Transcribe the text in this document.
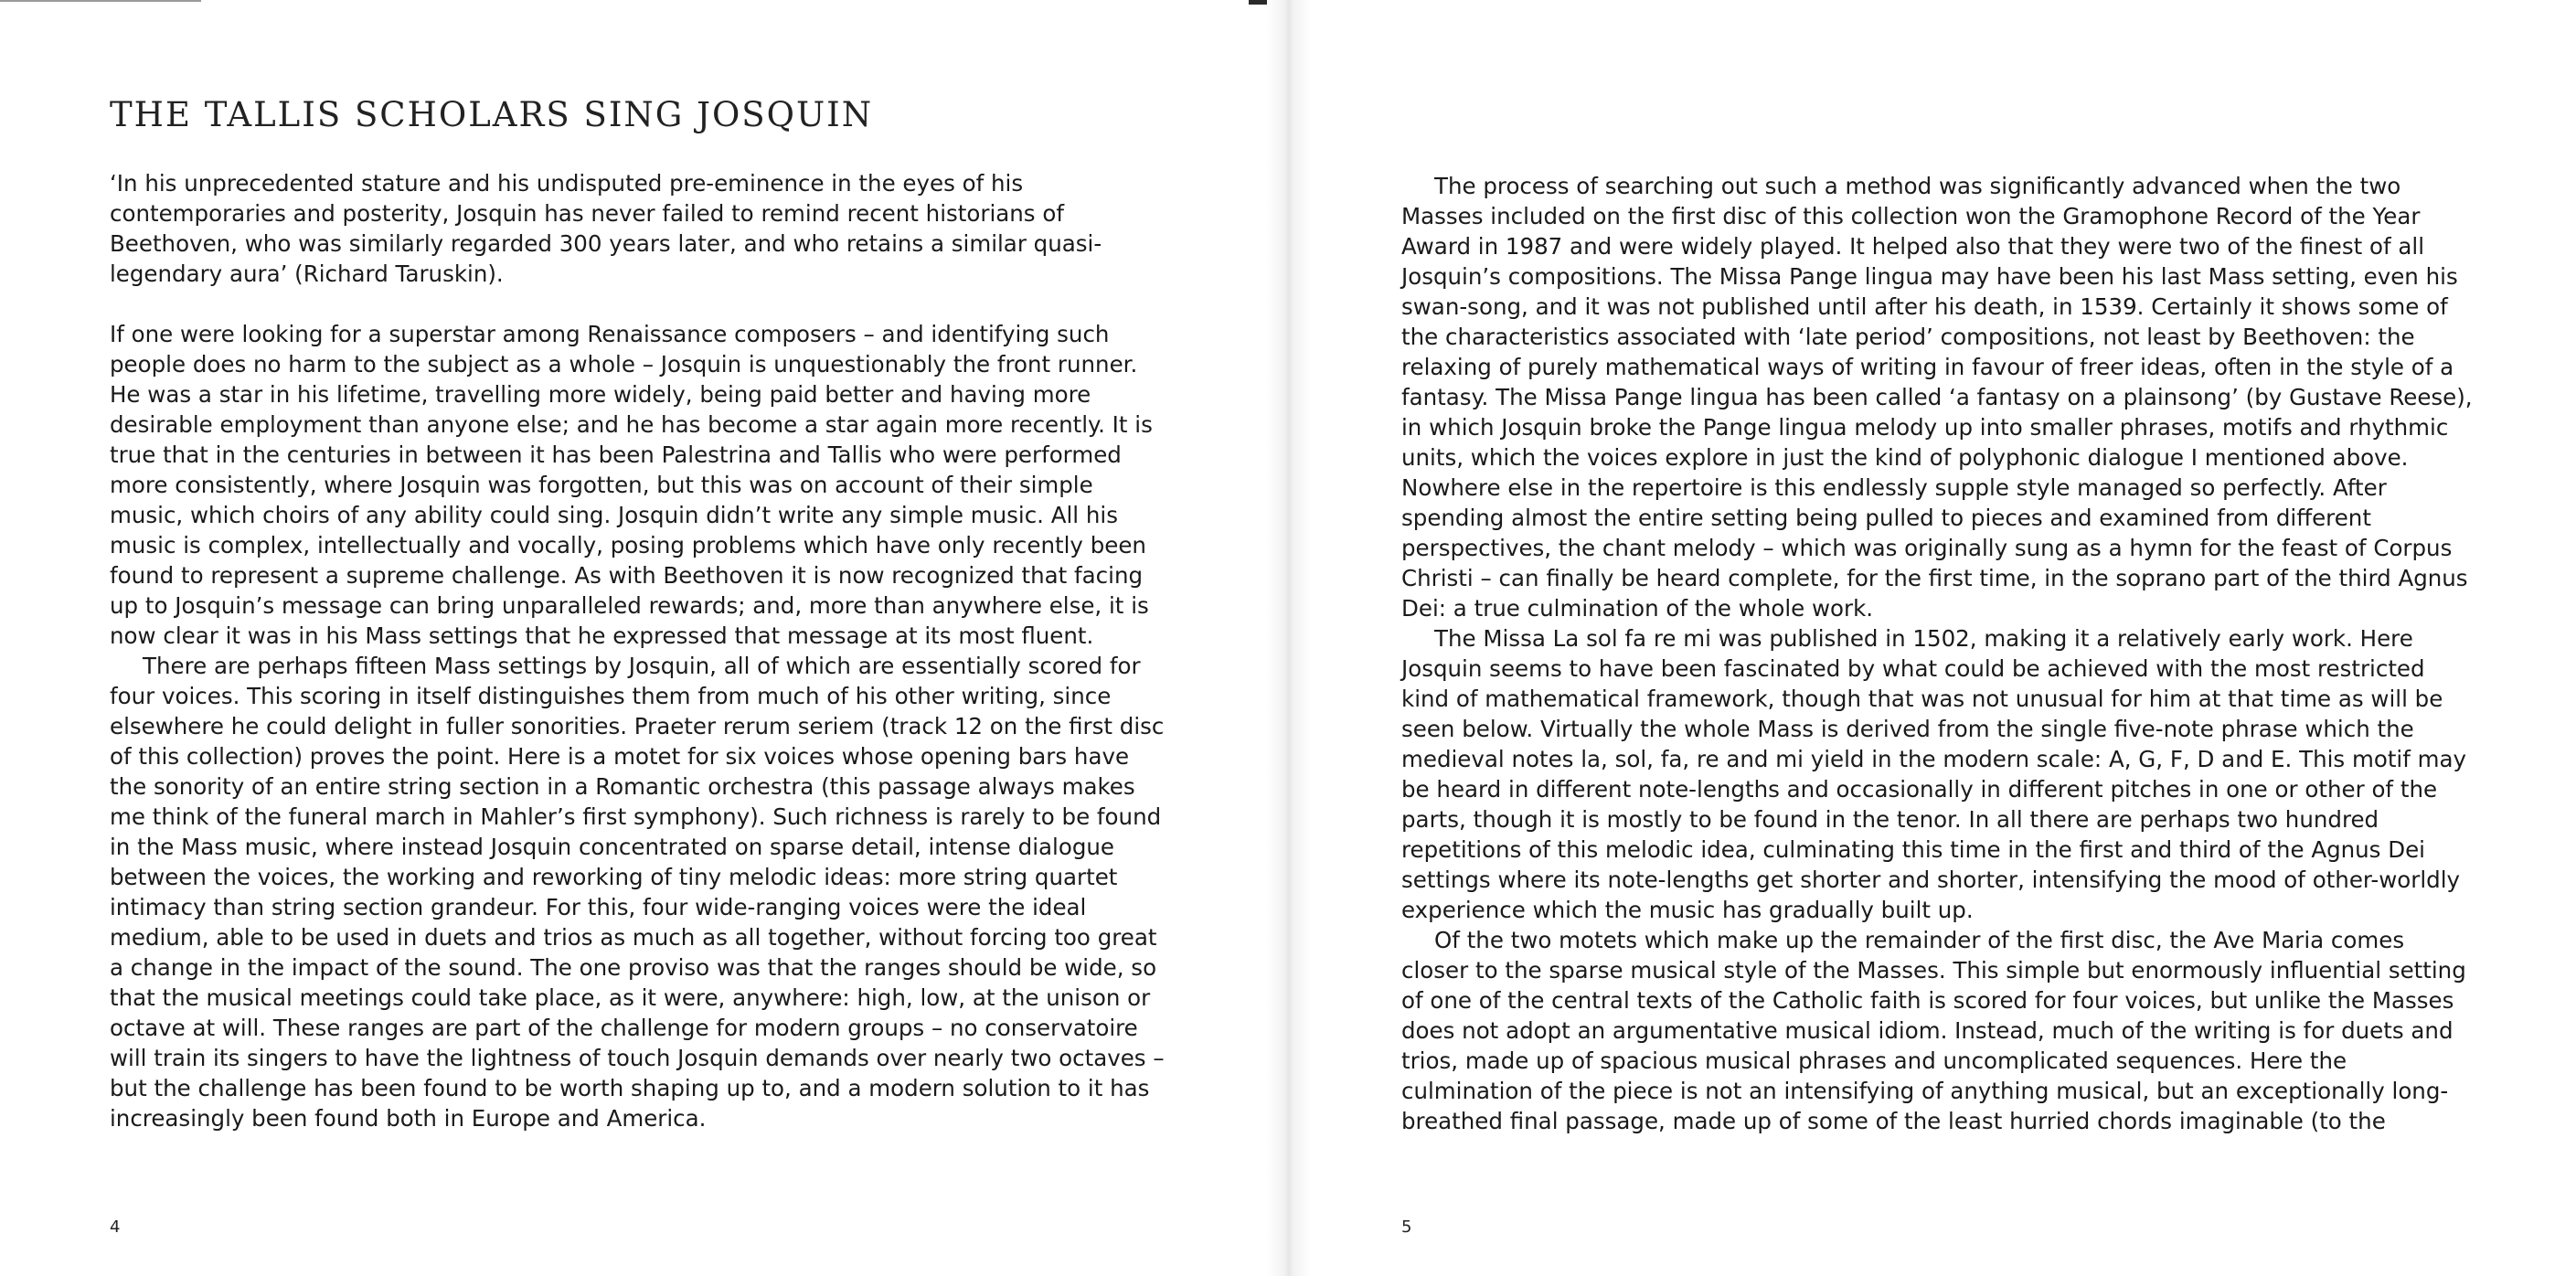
THE TALLIS SCHOLARS SING JOSQUIN

‘In his unprecedented stature and his undisputed pre-eminence in the eyes of his contemporaries and posterity, Josquin has never failed to remind recent historians of Beethoven, who was similarly regarded 300 years later, and who retains a similar quasi-legendary aura’ (Richard Taruskin).

If one were looking for a superstar among Renaissance composers – and identifying such people does no harm to the subject as a whole – Josquin is unquestionably the front runner. He was a star in his lifetime, travelling more widely, being paid better and having more desirable employment than anyone else; and he has become a star again more recently. It is true that in the centuries in between it has been Palestrina and Tallis who were performed more consistently, where Josquin was forgotten, but this was on account of their simple music, which choirs of any ability could sing. Josquin didn’t write any simple music. All his music is complex, intellectually and vocally, posing problems which have only recently been found to represent a supreme challenge. As with Beethoven it is now recognized that facing up to Josquin’s message can bring unparalleled rewards; and, more than anywhere else, it is now clear it was in his Mass settings that he expressed that message at its most fluent.

There are perhaps fifteen Mass settings by Josquin, all of which are essentially scored for four voices. This scoring in itself distinguishes them from much of his other writing, since elsewhere he could delight in fuller sonorities. Praeter rerum seriem (track 12 on the first disc of this collection) proves the point. Here is a motet for six voices whose opening bars have the sonority of an entire string section in a Romantic orchestra (this passage always makes me think of the funeral march in Mahler’s first symphony). Such richness is rarely to be found in the Mass music, where instead Josquin concentrated on sparse detail, intense dialogue between the voices, the working and reworking of tiny melodic ideas: more string quartet intimacy than string section grandeur. For this, four wide-ranging voices were the ideal medium, able to be used in duets and trios as much as all together, without forcing too great a change in the impact of the sound. The one proviso was that the ranges should be wide, so that the musical meetings could take place, as it were, anywhere: high, low, at the unison or octave at will. These ranges are part of the challenge for modern groups – no conservatoire will train its singers to have the lightness of touch Josquin demands over nearly two octaves – but the challenge has been found to be worth shaping up to, and a modern solution to it has increasingly been found both in Europe and America.

4

The process of searching out such a method was significantly advanced when the two Masses included on the first disc of this collection won the Gramophone Record of the Year Award in 1987 and were widely played. It helped also that they were two of the finest of all Josquin’s compositions. The Missa Pange lingua may have been his last Mass setting, even his swan-song, and it was not published until after his death, in 1539. Certainly it shows some of the characteristics associated with ‘late period’ compositions, not least by Beethoven: the relaxing of purely mathematical ways of writing in favour of freer ideas, often in the style of a fantasy. The Missa Pange lingua has been called ‘a fantasy on a plainsong’ (by Gustave Reese), in which Josquin broke the Pange lingua melody up into smaller phrases, motifs and rhythmic units, which the voices explore in just the kind of polyphonic dialogue I mentioned above. Nowhere else in the repertoire is this endlessly supple style managed so perfectly. After spending almost the entire setting being pulled to pieces and examined from different perspectives, the chant melody – which was originally sung as a hymn for the feast of Corpus Christi – can finally be heard complete, for the first time, in the soprano part of the third Agnus Dei: a true culmination of the whole work.

The Missa La sol fa re mi was published in 1502, making it a relatively early work. Here Josquin seems to have been fascinated by what could be achieved with the most restricted kind of mathematical framework, though that was not unusual for him at that time as will be seen below. Virtually the whole Mass is derived from the single five-note phrase which the medieval notes la, sol, fa, re and mi yield in the modern scale: A, G, F, D and E. This motif may be heard in different note-lengths and occasionally in different pitches in one or other of the parts, though it is mostly to be found in the tenor. In all there are perhaps two hundred repetitions of this melodic idea, culminating this time in the first and third of the Agnus Dei settings where its note-lengths get shorter and shorter, intensifying the mood of other-worldly experience which the music has gradually built up.

Of the two motets which make up the remainder of the first disc, the Ave Maria comes closer to the sparse musical style of the Masses. This simple but enormously influential setting of one of the central texts of the Catholic faith is scored for four voices, but unlike the Masses does not adopt an argumentative musical idiom. Instead, much of the writing is for duets and trios, made up of spacious musical phrases and uncomplicated sequences. Here the culmination of the piece is not an intensifying of anything musical, but an exceptionally long-breathed final passage, made up of some of the least hurried chords imaginable (to the

5
